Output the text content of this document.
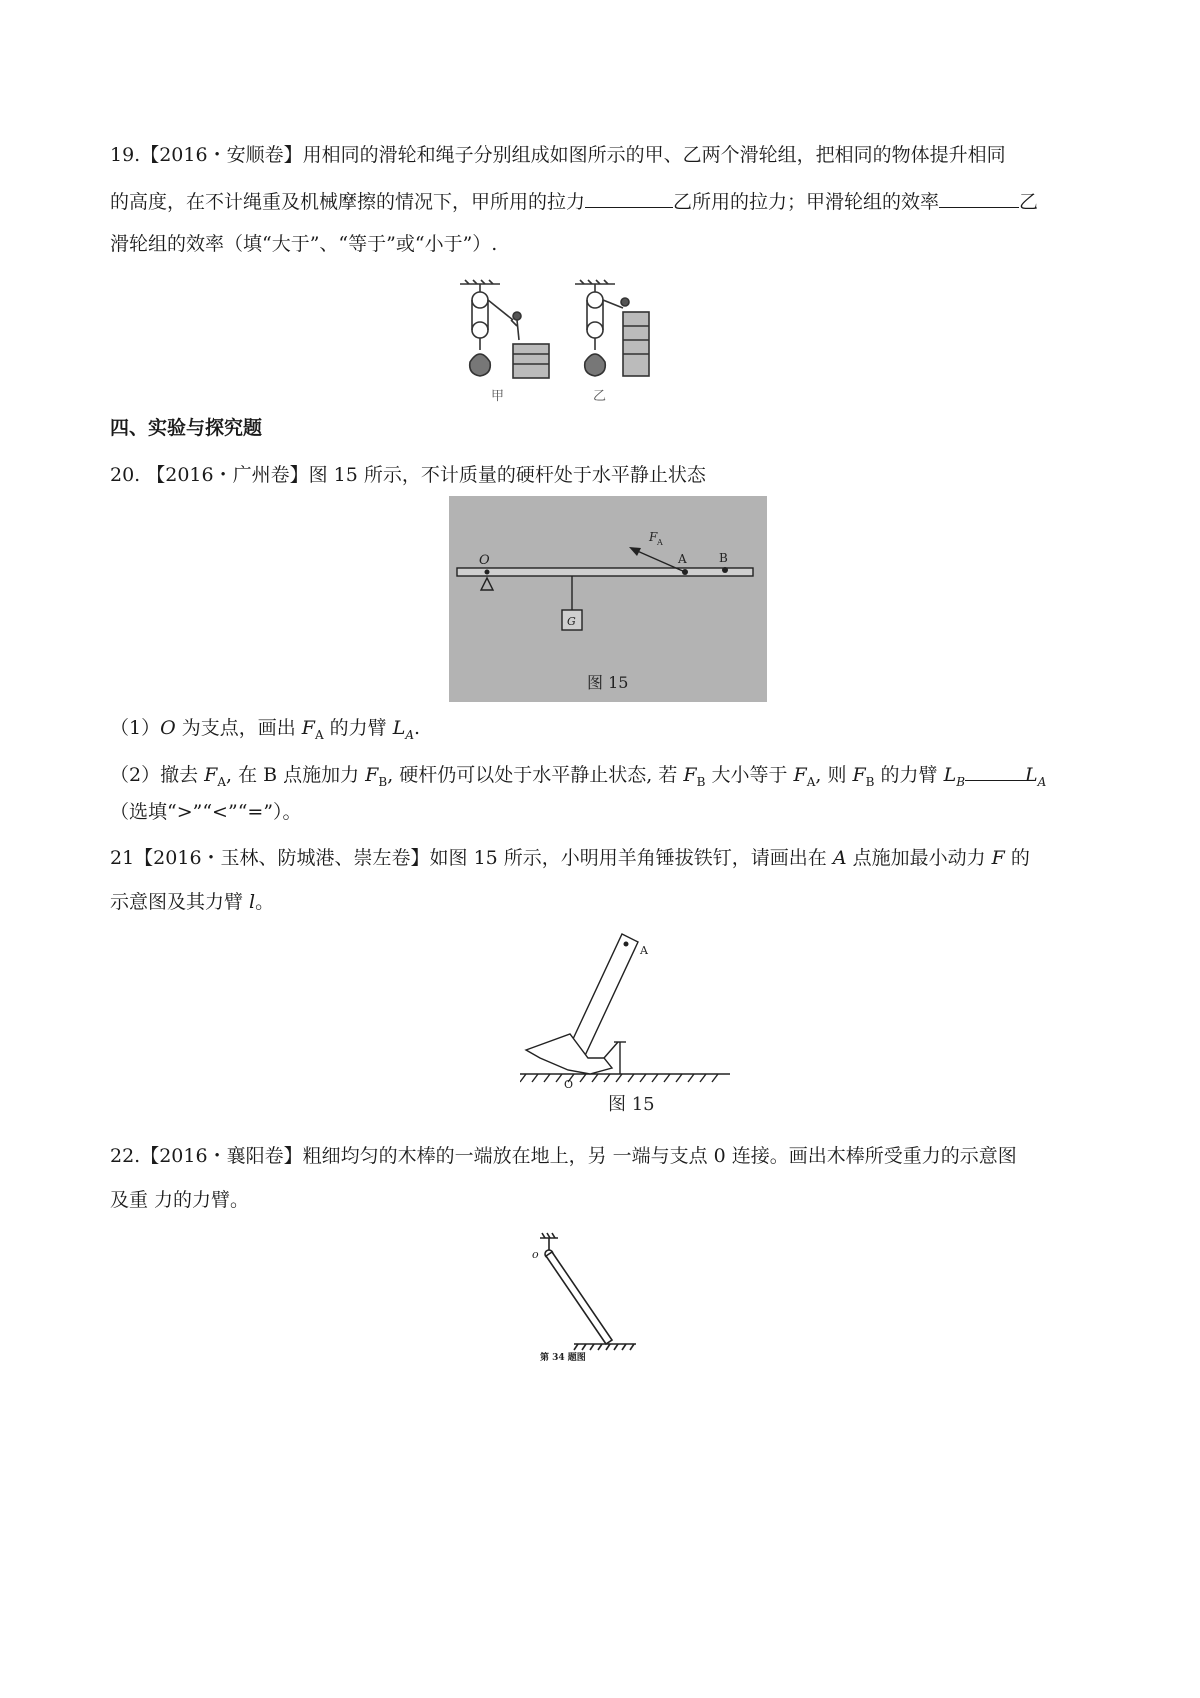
19.【2016・安顺卷】用相同的滑轮和绳子分别组成如图所示的甲、乙两个滑轮组，把相同的物体提升相同
的高度，在不计绳重及机械摩擦的情况下，甲所用的拉力	乙所用的拉力；甲滑轮组的效率	乙
滑轮组的效率（填“大于”、“等于”或“小于”）.
甲	乙
四、实验与探究题
20. 【2016・广州卷】图 15 所示，不计质量的硬杆处于水平静止状态
O	A	B
F A
G
图 15
（1）O 为支点，画出 $F_A$ 的力臂 $L_A$.
（2）撤去 $F_A$, 在 B 点施加力 $F_B$, 硬杆仍可以处于水平静止状态, 若 $F_B$ 大小等于 $F_A$, 则 $F_B$ 的力臂 $L_B$	$L_A$
（选填“>”“<”“=”）。
21【2016・玉林、防城港、崇左卷】如图 15 所示，小明用羊角锤拔铁钉，请画出在 A 点施加最小动力 F 的
示意图及其力臂 l。
A
O
图 15
22.【2016・襄阳卷】粗细均匀的木棒的一端放在地上，另 一端与支点 0 连接。画出木棒所受重力的示意图
及重 力的力臂。
o
第 34 题图
